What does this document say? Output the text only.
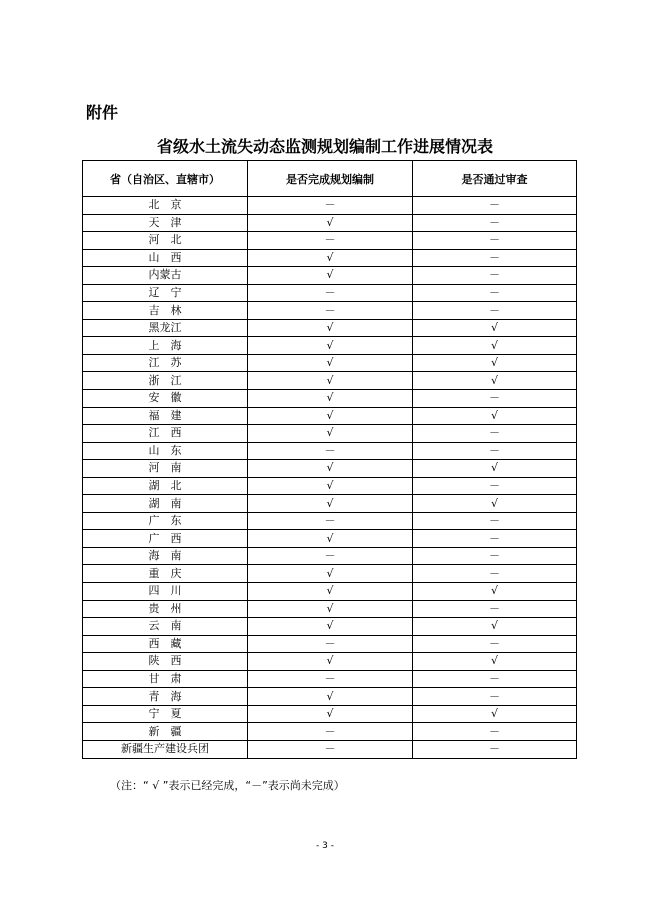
附件
省级水土流失动态监测规划编制工作进展情况表
省（自治区、直辖市）	是否完成规划编制	是否通过审查
北　京	－	－
天　津	√	－
河　北	－	－
山　西	√	－
内蒙古	√	－
辽　宁	－	－
吉　林	－	－
黑龙江	√	√
上　海	√	√
江　苏	√	√
浙　江	√	√
安　徽	√	－
福　建	√	√
江　西	√	－
山　东	－	－
河　南	√	√
湖　北	√	－
湖　南	√	√
广　东	－	－
广　西	√	－
海　南	－	－
重　庆	√	－
四　川	√	√
贵　州	√	－
云　南	√	√
西　藏	－	－
陕　西	√	√
甘　肃	－	－
青　海	√	－
宁　夏	√	√
新　疆	－	－
新疆生产建设兵团	－	－
（注：“ √ ”表示已经完成，“－”表示尚未完成）
- 3 -
